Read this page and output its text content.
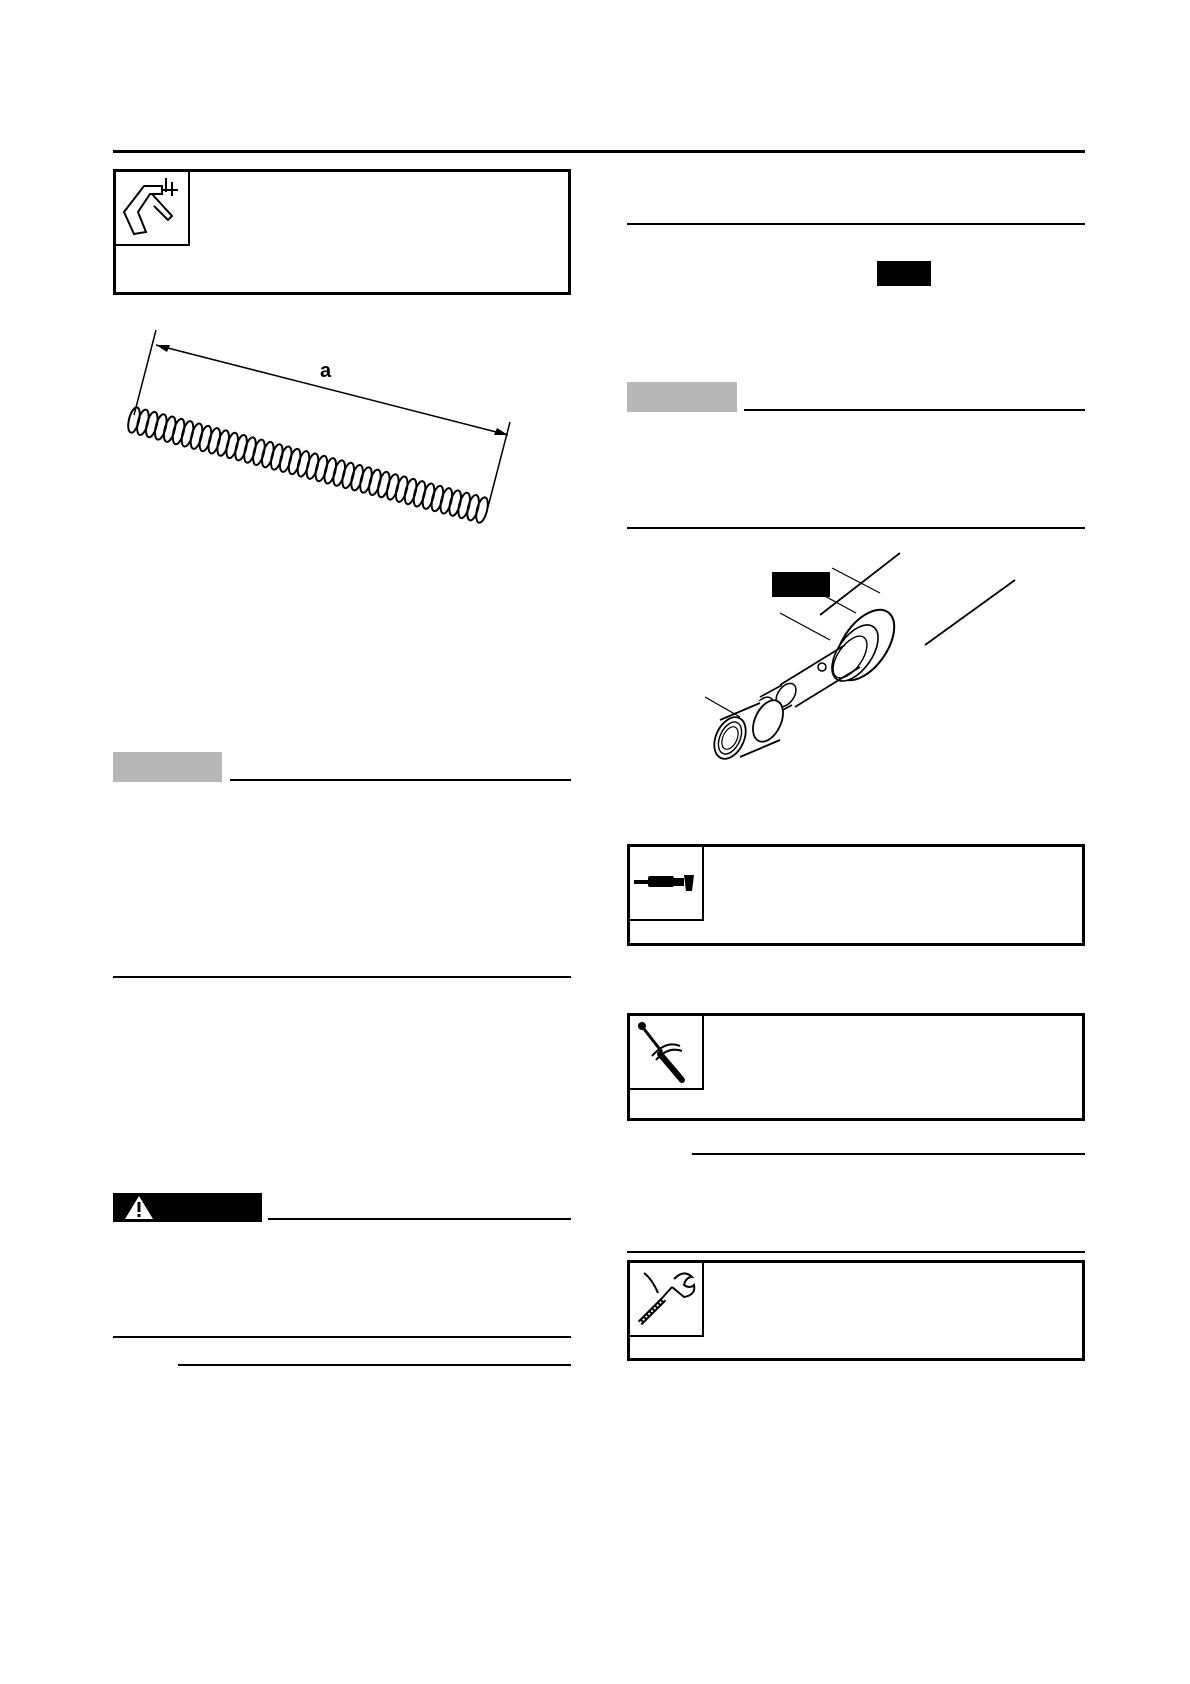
a
